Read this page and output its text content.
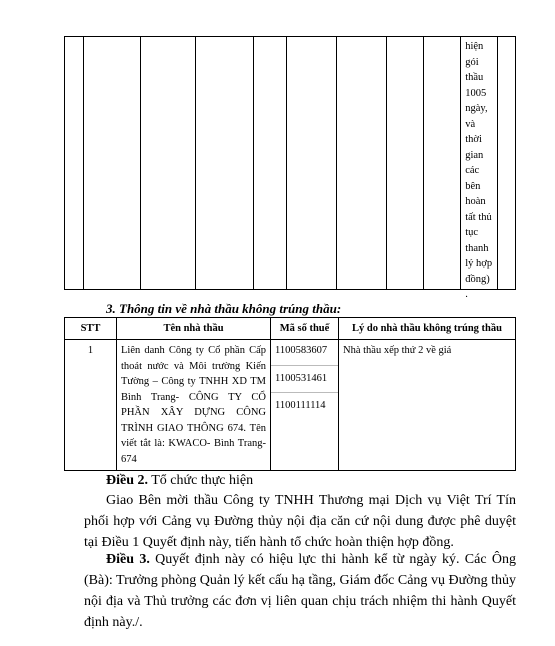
hiện
gói
thầu
1005
ngày,
và
thời
gian
các
bên
hoàn
tất thủ
tục
thanh
lý hợp
đồng)
.
3. Thông tin về nhà thầu không trúng thầu:
STT	Tên nhà thầu	Mã số thuế	Lý do nhà thầu không trúng thầu
1	Liên danh Công ty Cổ phần Cấp thoát nước và Môi trường Kiến Tường – Công ty TNHH XD TM Bình Trang- CÔNG TY CỔ PHẦN XÂY DỰNG CÔNG TRÌNH GIAO THÔNG 674. Tên viết tắt là: KWACO- Bình Trang- 674	1100583607
1100531461
1100111114	Nhà thầu xếp thứ 2 về giá
Điều 2. Tổ chức thực hiện
Giao Bên mời thầu Công ty TNHH Thương mại Dịch vụ Việt Trí Tín phối hợp với Cảng vụ Đường thủy nội địa căn cứ nội dung được phê duyệt tại Điều 1 Quyết định này, tiến hành tổ chức hoàn thiện hợp đồng.
Điều 3. Quyết định này có hiệu lực thi hành kể từ ngày ký. Các Ông (Bà): Trưởng phòng Quản lý kết cấu hạ tầng, Giám đốc Cảng vụ Đường thủy nội địa và Thủ trưởng các đơn vị liên quan chịu trách nhiệm thi hành Quyết định này./.
